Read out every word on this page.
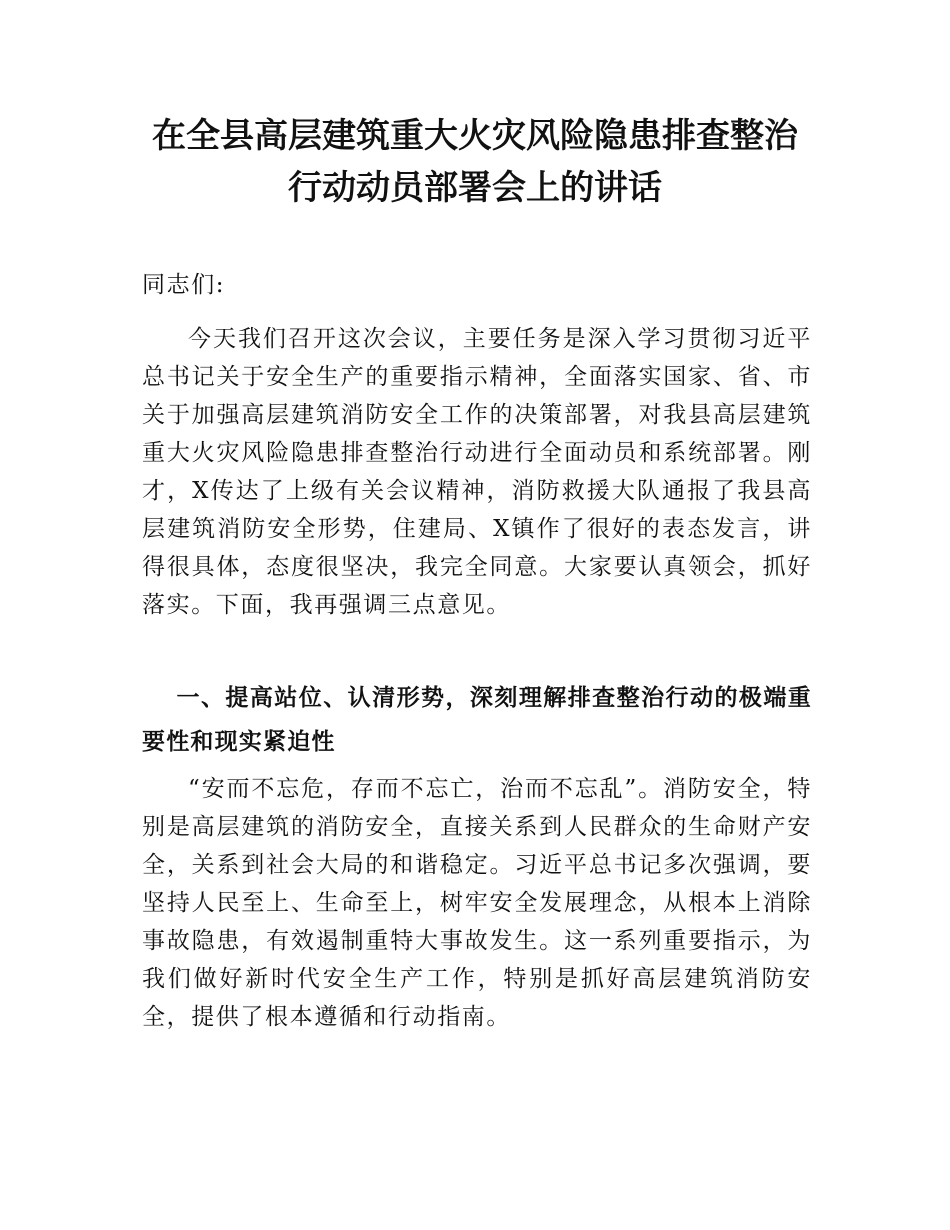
在全县高层建筑重大火灾风险隐患排查整治
行动动员部署会上的讲话

同志们:

今天我们召开这次会议，主要任务是深入学习贯彻习近平总书记关于安全生产的重要指示精神，全面落实国家、省、市关于加强高层建筑消防安全工作的决策部署，对我县高层建筑重大火灾风险隐患排查整治行动进行全面动员和系统部署。刚才，X传达了上级有关会议精神，消防救援大队通报了我县高层建筑消防安全形势，住建局、X镇作了很好的表态发言，讲得很具体，态度很坚决，我完全同意。大家要认真领会，抓好落实。下面，我再强调三点意见。

一、提高站位、认清形势，深刻理解排查整治行动的极端重要性和现实紧迫性

“安而不忘危，存而不忘亡，治而不忘乱”。消防安全，特别是高层建筑的消防安全，直接关系到人民群众的生命财产安全，关系到社会大局的和谐稳定。习近平总书记多次强调，要坚持人民至上、生命至上，树牢安全发展理念，从根本上消除事故隐患，有效遏制重特大事故发生。这一系列重要指示，为我们做好新时代安全生产工作，特别是抓好高层建筑消防安全，提供了根本遵循和行动指南。
